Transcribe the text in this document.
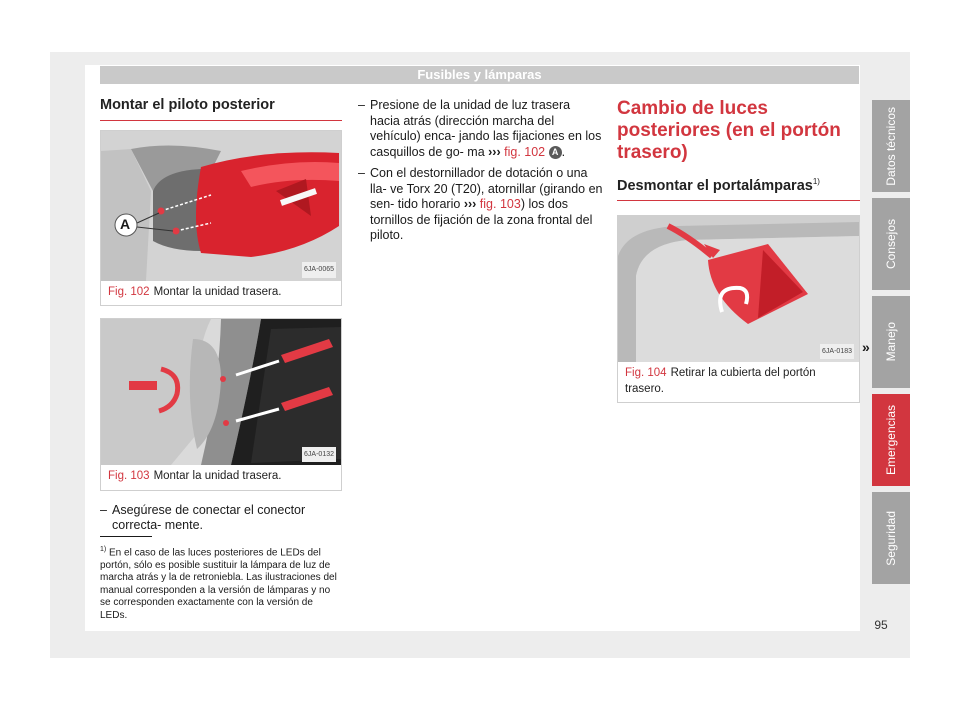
Fusibles y lámparas
Montar el piloto posterior
A
6JA-0065
Fig. 102 Montar la unidad trasera.
6JA-0132
Fig. 103 Montar la unidad trasera.
– Asegúrese de conectar el conector correcta- mente.
– Presione de la unidad de luz trasera hacia atrás (dirección marcha del vehículo) enca- jando las fijaciones en los casquillos de go- ma ››› fig. 102 A .
– Con el destornillador de dotación o una lla- ve Torx 20 (T20), atornillar (girando en sen- tido horario ››› fig. 103) los dos tornillos de fijación de la zona frontal del piloto.
Cambio de luces posteriores (en el portón trasero)
Desmontar el portalámparas$^{1)}$
6JA-0183
Fig. 104 Retirar la cubierta del portón trasero.
»
$^{1)}$ En el caso de las luces posteriores de LEDs del portón, sólo es posible sustituir la lámpara de luz de marcha atrás y la de retroniebla. Las ilustraciones del manual corresponden a la versión de lámparas y no se corresponden exactamente con la versión de LEDs.
Datos técnicos
Consejos
Manejo
Emergencias
Seguridad
95
